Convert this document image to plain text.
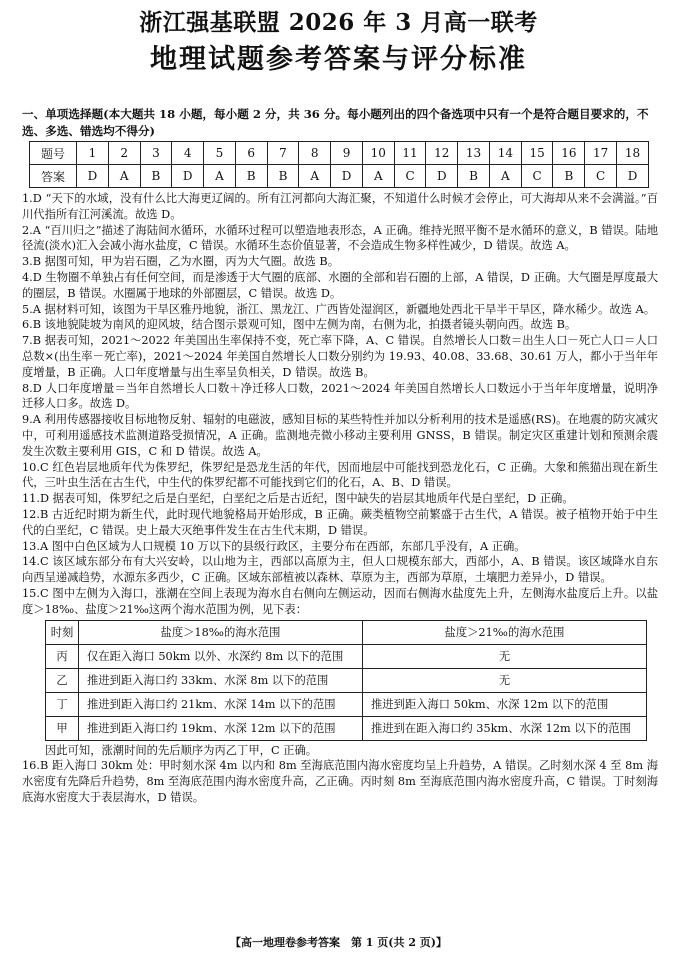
浙江强基联盟 2026 年 3 月高一联考
地理试题参考答案与评分标准
一、单项选择题(本大题共 18 小题，每小题 2 分，共 36 分。每小题列出的四个备选项中只有一个是符合题目要求的，不选、多选、错选均不得分)
题号	1	2	3	4	5	6	7	8	9	10	11	12	13	14	15	16	17	18
答案	D	A	B	D	A	B	B	A	D	A	C	D	B	A	C	B	C	D

1.D “天下的水域，没有什么比大海更辽阔的。所有江河都向大海汇聚，不知道什么时候才会停止，可大海却从来不会满溢。”百川代指所有江河溪流。故选 D。

2.A “百川归之”描述了海陆间水循环，水循环过程可以塑造地表形态，A 正确。维持光照平衡不是水循环的意义，B 错误。陆地径流(淡水)汇入会减小海水盐度，C 错误。水循环生态价值显著，不会造成生物多样性减少，D 错误。故选 A。

3.B 据图可知，甲为岩石圈，乙为水圈，丙为大气圈。故选 B。

4.D 生物圈不单独占有任何空间，而是渗透于大气圈的底部、水圈的全部和岩石圈的上部，A 错误，D 正确。大气圈是厚度最大的圈层，B 错误。水圈属于地球的外部圈层，C 错误。故选 D。

5.A 据材料可知，该图为干旱区雅丹地貌，浙江、黑龙江、广西皆处湿润区，新疆地处西北干旱半干旱区，降水稀少。故选 A。

6.B 该地貌陡坡为南风的迎风坡，结合图示景观可知，图中左侧为南，右侧为北，拍摄者镜头朝向西。故选 B。

7.B 据表可知，2021～2022 年美国出生率保持不变，死亡率下降，A、C 错误。自然增长人口数＝出生人口－死亡人口＝人口总数×(出生率－死亡率)，2021～2024 年美国自然增长人口数分别约为 19.93、40.08、33.68、30.61 万人，都小于当年年度增量，B 正确。人口年度增量与出生率呈负相关，D 错误。故选 B。

8.D 人口年度增量＝当年自然增长人口数＋净迁移人口数，2021～2024 年美国自然增长人口数远小于当年年度增量，说明净迁移人口多。故选 D。

9.A 利用传感器接收目标地物反射、辐射的电磁波，感知目标的某些特性并加以分析利用的技术是遥感(RS)。在地震的防灾减灾中，可利用遥感技术监测道路受损情况，A 正确。监测地壳微小移动主要利用 GNSS，B 错误。制定灾区重建计划和预测余震发生次数主要利用 GIS，C 和 D 错误。故选 A。

10.C 红色岩层地质年代为侏罗纪，侏罗纪是恐龙生活的年代，因而地层中可能找到恐龙化石，C 正确。大象和熊猫出现在新生代，三叶虫生活在古生代，中生代的侏罗纪都不可能找到它们的化石，A、B、D 错误。

11.D 据表可知，侏罗纪之后是白垩纪，白垩纪之后是古近纪，图中缺失的岩层其地质年代是白垩纪，D 正确。

12.B 古近纪时期为新生代，此时现代地貌格局开始形成，B 正确。蕨类植物空前繁盛于古生代，A 错误。被子植物开始于中生代的白垩纪，C 错误。史上最大灭绝事件发生在古生代末期，D 错误。

13.A 图中白色区域为人口规模 10 万以下的县级行政区，主要分布在西部，东部几乎没有，A 正确。

14.C 该区域东部分布有大兴安岭，以山地为主，西部以高原为主，但人口规模东部大，西部小，A、B 错误。该区域降水自东向西呈递减趋势，水源东多西少，C 正确。区域东部植被以森林、草原为主，西部为草原，土壤肥力差异小，D 错误。

15.C 图中左侧为入海口，涨潮在空间上表现为海水自右侧向左侧运动，因而右侧海水盐度先上升，左侧海水盐度后上升。以盐度＞18‰、盐度＞21‰这两个海水范围为例，见下表：

时刻	盐度＞18‰的海水范围	盐度＞21‰的海水范围
丙	仅在距入海口 50km 以外、水深约 8m 以下的范围	无
乙	推进到距入海口约 33km、水深 8m 以下的范围	无
丁	推进到距入海口约 21km、水深 14m 以下的范围	推进到距入海口 50km、水深 12m 以下的范围
甲	推进到距入海口约 19km、水深 12m 以下的范围	推进到在距入海口约 35km、水深 12m 以下的范围

因此可知，涨潮时间的先后顺序为丙乙丁甲，C 正确。

16.B 距入海口 30km 处：甲时刻水深 4m 以内和 8m 至海底范围内海水密度均呈上升趋势，A 错误。乙时刻水深 4 至 8m 海水密度有先降后升趋势，8m 至海底范围内海水密度升高，乙正确。丙时刻 8m 至海底范围内海水密度升高，C 错误。丁时刻海底海水密度大于表层海水，D 错误。

【高一地理卷参考答案　第 1 页(共 2 页)】
